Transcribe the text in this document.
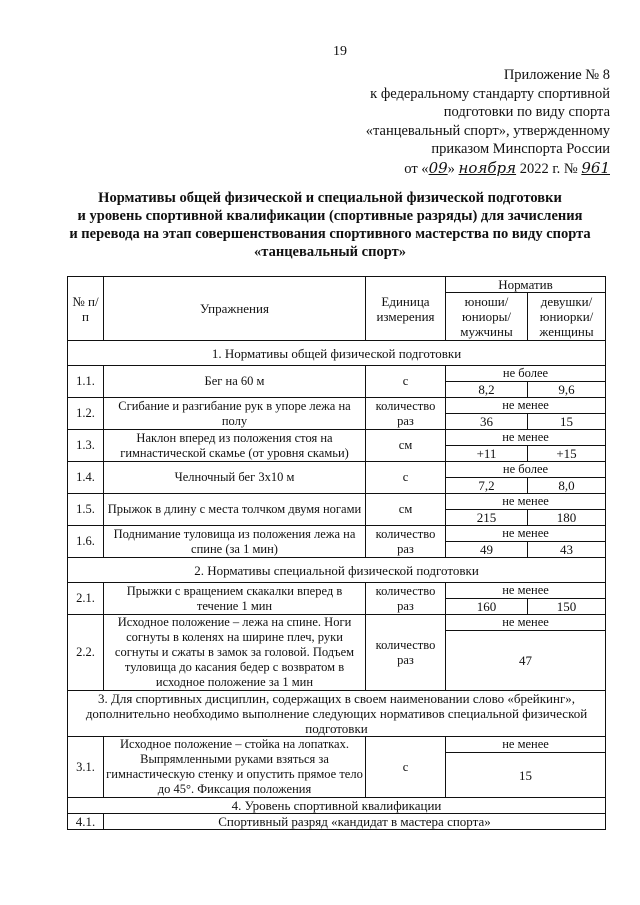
19
Приложение № 8
к федеральному стандарту спортивной
подготовки по виду спорта
«танцевальный спорт», утвержденному
приказом Минспорта России
от «09» ноября 2022 г. № 961
Нормативы общей физической и специальной физической подготовки
и уровень спортивной квалификации (спортивные разряды) для зачисления
и перевода на этап совершенствования спортивного мастерства по виду спорта
«танцевальный спорт»
№ п/п	Упражнения	Единица измерения	Норматив	
			юноши/ юниоры/ мужчины	девушки/ юниорки/ женщины
1. Нормативы общей физической подготовки				
1.1.	Бег на 60 м	с	не более	
			8,2	9,6
1.2.	Сгибание и разгибание рук в упоре лежа на полу	количество раз	не менее	
			36	15
1.3.	Наклон вперед из положения стоя на гимнастической скамье (от уровня скамьи)	см	не менее	
			+11	+15
1.4.	Челночный бег 3х10 м	с	не более	
			7,2	8,0
1.5.	Прыжок в длину с места толчком двумя ногами	см	не менее	
			215	180
1.6.	Поднимание туловища из положения лежа на спине (за 1 мин)	количество раз	не менее	
			49	43
2. Нормативы специальной физической подготовки				
2.1.	Прыжки с вращением скакалки вперед в течение 1 мин	количество раз	не менее	
			160	150
2.2.	Исходное положение – лежа на спине. Ноги согнуты в коленях на ширине плеч, руки согнуты и сжаты в замок за головой. Подъем туловища до касания бедер с возвратом в исходное положение за 1 мин	количество раз	не менее	
			47	
3. Для спортивных дисциплин, содержащих в своем наименовании слово «брейкинг», дополнительно необходимо выполнение следующих нормативов специальной физической подготовки				
3.1.	Исходное положение – стойка на лопатках. Выпрямленными руками взяться за гимнастическую стенку и опустить прямое тело до 45°. Фиксация положения	с	не менее	
			15	
4. Уровень спортивной квалификации				
4.1.	Спортивный разряд «кандидат в мастера спорта»			
